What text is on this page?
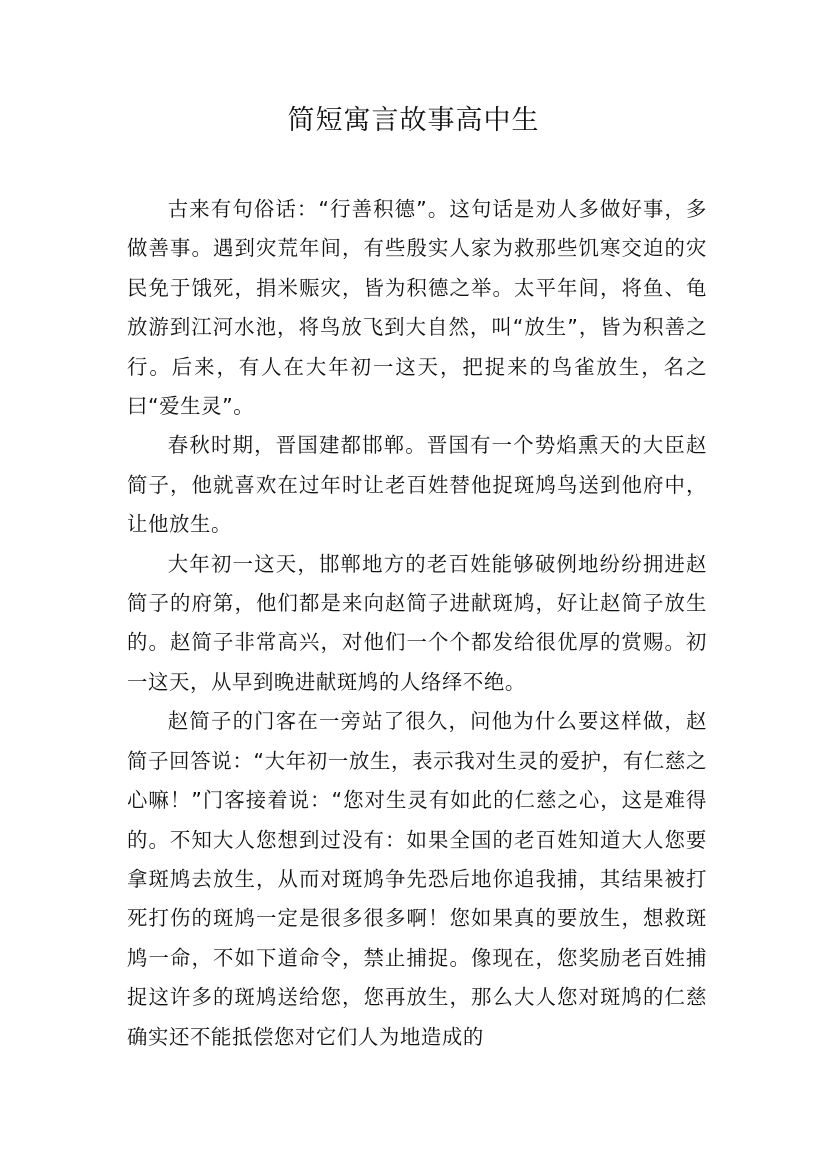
简短寓言故事高中生

古来有句俗话：“行善积德”。这句话是劝人多做好事，多做善事。遇到灾荒年间，有些殷实人家为救那些饥寒交迫的灾民免于饿死，捐米赈灾，皆为积德之举。太平年间，将鱼、龟放游到江河水池，将鸟放飞到大自然，叫“放生”，皆为积善之行。后来，有人在大年初一这天，把捉来的鸟雀放生，名之曰“爱生灵”。

春秋时期，晋国建都邯郸。晋国有一个势焰熏天的大臣赵简子，他就喜欢在过年时让老百姓替他捉斑鸠鸟送到他府中，让他放生。

大年初一这天，邯郸地方的老百姓能够破例地纷纷拥进赵简子的府第，他们都是来向赵简子进献斑鸠，好让赵简子放生的。赵简子非常高兴，对他们一个个都发给很优厚的赏赐。初一这天，从早到晚进献斑鸠的人络绎不绝。

赵简子的门客在一旁站了很久，问他为什么要这样做，赵简子回答说：“大年初一放生，表示我对生灵的爱护，有仁慈之心嘛！”门客接着说：“您对生灵有如此的仁慈之心，这是难得的。不知大人您想到过没有：如果全国的老百姓知道大人您要拿斑鸠去放生，从而对斑鸠争先恐后地你追我捕，其结果被打死打伤的斑鸠一定是很多很多啊！您如果真的要放生，想救斑鸠一命，不如下道命令，禁止捕捉。像现在，您奖励老百姓捕捉这许多的斑鸠送给您，您再放生，那么大人您对斑鸠的仁慈确实还不能抵偿您对它们人为地造成的
